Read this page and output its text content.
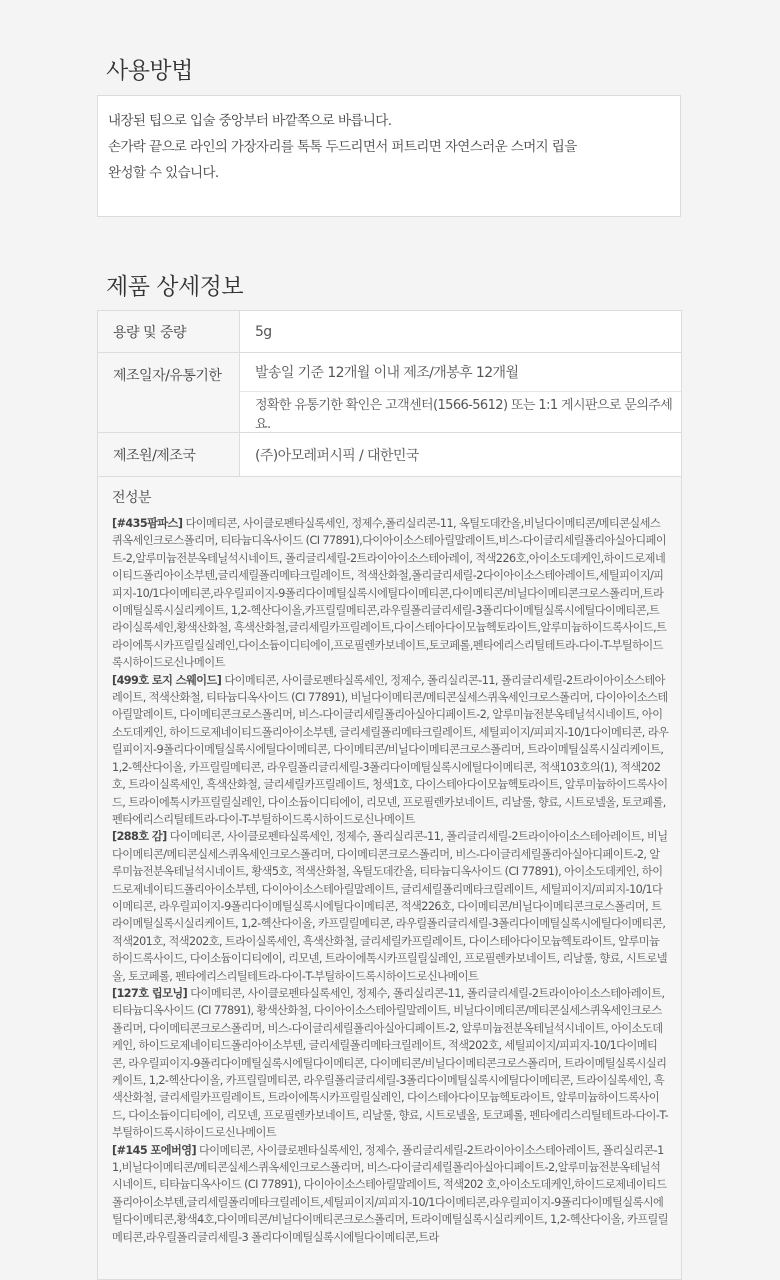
사용방법

내장된 팁으로 입술 중앙부터 바깥쪽으로 바릅니다.

손가락 끝으로 라인의 가장자리를 톡톡 두드리면서 퍼트리면 자연스러운 스머지 립을

완성할 수 있습니다.

제품 상세정보
용량 및 중량	5g
제조일자/유통기한	발송일 기준 12개월 이내 제조/개봉후 12개월
정확한 유통기한 확인은 고객센터(1566-5612) 또는 1:1 게시판으로 문의주세요.
제조원/제조국	(주)아모레퍼시픽 / 대한민국
전성분
[#435팜파스] 다이메티콘, 사이클로펜타실록세인, 정제수,폴리실리콘-11, 옥틸도데칸올,비닐다이메티콘/메티콘실세스퀴옥세인크로스폴리머, 티타늄디옥사이드 (CI 77891),다이아이소스테아릴말레이트,비스-다이글리세릴폴리아실아디페이트-2,알루미늄전분옥테닐석시네이트, 폴리글리세릴-2트라이아이소스테아레이, 적색226호,아이소도데케인,하이드로제네이티드폴리아이소부텐,글리세릴폴리메타크릴레이트, 적색산화철,폴리글리세릴-2다이아이소스테아레이트,세틸피이지/피피지-10/1다이메티콘,라우릴피이지-9폴리다이메틸실록시에틸다이메티콘,다이메티콘/비닐다이메티콘크로스폴리머,트라이메틸실록시실리케이트, 1,2-헥산다이올,카프릴릴메티콘,라우릴폴리글리세릴-3폴리다이메틸실록시에틸다이메티콘,트라이실록세인,황색산화철, 흑색산화철,글리세릴카프릴레이트,다이스테아다이모늄헥토라이트,알루미늄하이드록사이드,트라이에톡시카프릴릴실레인,다이소듐이디티에이,프로필렌카보네이트,토코페롤,펜타에리스리틸테트라-다이-T-부틸하이드록시하이드로신나메이트
[499호 로지 스웨이드] 다이메티콘, 사이클로펜타실록세인, 정제수, 폴리실리콘-11, 폴리글리세릴-2트라이아이소스테아레이트, 적색산화철, 티타늄디옥사이드 (CI 77891), 비닐다이메티콘/메티콘실세스퀴옥세인크로스폴리머, 다이아이소스테아릴말레이트, 다이메티콘크로스폴리머, 비스-다이글리세릴폴리아실아디페이트-2, 알루미늄전분옥테닐석시네이트, 아이소도데케인, 하이드로제네이티드폴리아이소부텐, 글리세릴폴리메타크릴레이트, 세틸피이지/피피지-10/1다이메티콘, 라우릴피이지-9폴리다이메틸실록시에틸다이메티콘, 다이메티콘/비닐다이메티콘크로스폴리머, 트라이메틸실록시실리케이트, 1,2-헥산다이올, 카프릴릴메티콘, 라우릴폴리글리세릴-3폴리다이메틸실록시에틸다이메티콘, 적색103호의(1), 적색202호, 트라이실록세인, 흑색산화철, 글리세릴카프릴레이트, 청색1호, 다이스테아다이모늄헥토라이트, 알루미늄하이드록사이드, 트라이에톡시카프릴릴실레인, 다이소듐이디티에이, 리모넨, 프로필렌카보네이트, 리날룰, 향료, 시트로넬올, 토코페롤, 펜타에리스리틸테트라-다이-T-부틸하이드록시하이드로신나메이트
[288호 감] 다이메티콘, 사이클로펜타실록세인, 정제수, 폴리실리콘-11, 폴리글리세릴-2트라이아이소스테아레이트, 비닐다이메티콘/메티콘실세스퀴옥세인크로스폴리머, 다이메티콘크로스폴리머, 비스-다이글리세릴폴리아실아디페이트-2, 알루미늄전분옥테닐석시네이트, 황색5호, 적색산화철, 옥틸도데칸올, 티타늄디옥사이드 (CI 77891), 아이소도데케인, 하이드로제네이티드폴리아이소부텐, 다이아이소스테아릴말레이트, 글리세릴폴리메타크릴레이트, 세틸피이지/피피지-10/1다이메티콘, 라우릴피이지-9폴리다이메틸실록시에틸다이메티콘, 적색226호, 다이메티콘/비닐다이메티콘크로스폴리머, 트라이메틸실록시실리케이트, 1,2-헥산다이올, 카프릴릴메티콘, 라우릴폴리글리세릴-3폴리다이메틸실록시에틸다이메티콘, 적색201호, 적색202호, 트라이실록세인, 흑색산화철, 글리세릴카프릴레이트, 다이스테아다이모늄헥토라이트, 알루미늄하이드록사이드, 다이소듐이디티에이, 리모넨, 트라이에톡시카프릴릴실레인, 프로필렌카보네이트, 리날룰, 향료, 시트로넬올, 토코페롤, 펜타에리스리틸테트라-다이-T-부틸하이드록시하이드로신나메이트
[127호 립모닝] 다이메티콘, 사이클로펜타실록세인, 정제수, 폴리실리콘-11, 폴리글리세릴-2트라이아이소스테아레이트, 티타늄디옥사이드 (CI 77891), 황색산화철, 다이아이소스테아릴말레이트, 비닐다이메티콘/메티콘실세스퀴옥세인크로스폴리머, 다이메티콘크로스폴리머, 비스-다이글리세릴폴리아실아디페이트-2, 알루미늄전분옥테닐석시네이트, 아이소도데케인, 하이드로제네이티드폴리아이소부텐, 글리세릴폴리메타크릴레이트, 적색202호, 세틸피이지/피피지-10/1다이메티콘, 라우릴피이지-9폴리다이메틸실록시에틸다이메티콘, 다이메티콘/비닐다이메티콘크로스폴리머, 트라이메틸실록시실리케이트, 1,2-헥산다이올, 카프릴릴메티콘, 라우릴폴리글리세릴-3폴리다이메틸실록시에틸다이메티콘, 트라이실록세인, 흑색산화철, 글리세릴카프릴레이트, 트라이에톡시카프릴릴실레인, 다이스테아다이모늄헥토라이트, 알루미늄하이드록사이드, 다이소듐이디티에이, 리모넨, 프로필렌카보네이트, 리날룰, 향료, 시트로넬올, 토코페롤, 펜타에리스리틸테트라-다이-T-부틸하이드록시하이드로신나메이트
[#145 포에버영] 다이메티콘, 사이클로펜타실록세인, 정제수, 폴리글리세릴-2트라이아이소스테아레이트, 폴리실리콘-11,비닐다이메티콘/메티콘실세스퀴옥세인크로스폴리머, 비스-다이글리세릴폴리아실아디페이트-2,알루미늄전분옥테닐석시네이트, 티타늄디옥사이드 (CI 77891), 다이아이소스테아릴말레이트, 적색202 호,아이소도데케인,하이드로제네이티드폴리아이소부텐,글리세릴폴리메타크릴레이트,세틸피이지/피피지-10/1다이메티콘,라우릴피이지-9폴리다이메틸실록시에틸다이메티콘,황색4호,다이메티콘/비닐다이메티콘크로스폴리머, 트라이메틸실록시실리케이트, 1,2-헥산다이올, 카프릴릴메티콘,라우릴폴리글리세릴-3 폴리다이메틸실록시에틸다이메티콘,트라
